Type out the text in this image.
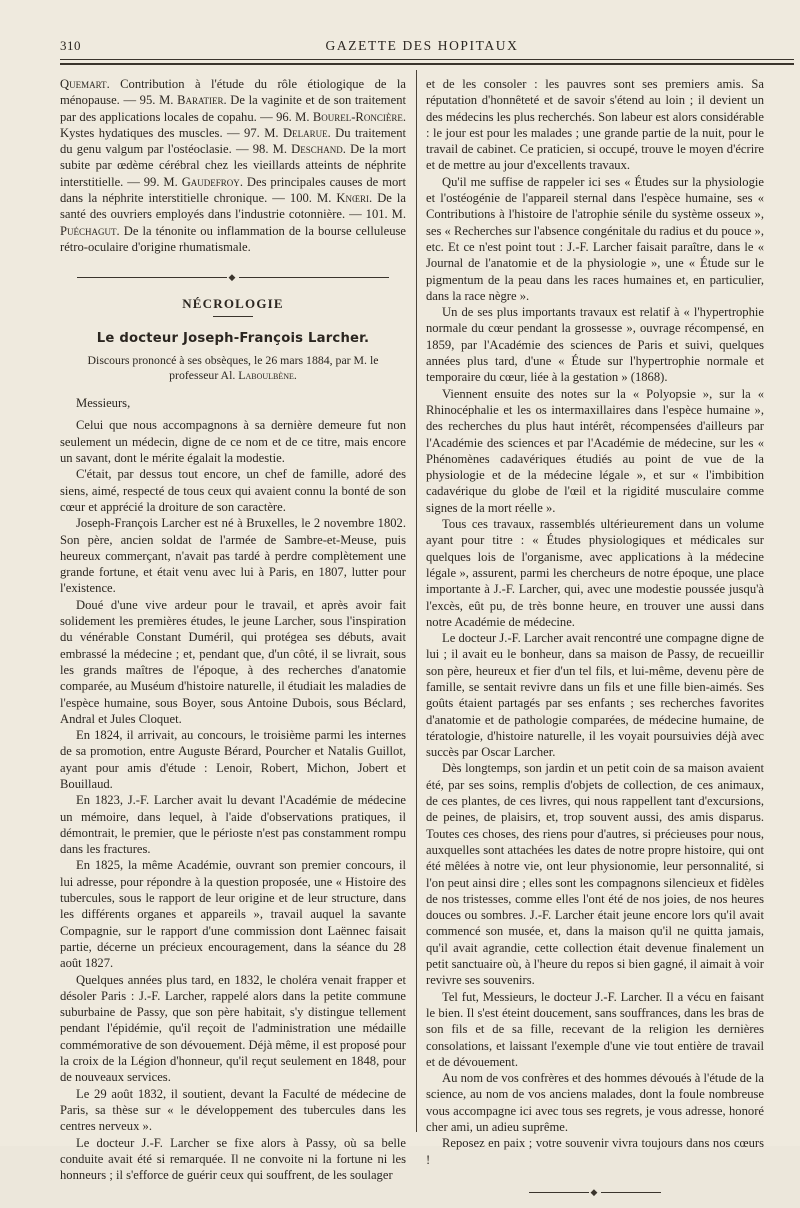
310	GAZETTE DES HOPITAUX

Quemart. Contribution à l'étude du rôle étiologique de la ménopause. — 95. M. Baratier. De la vaginite et de son traitement par des applications locales de copahu. — 96. M. Bourel-Roncière. Kystes hydatiques des muscles. — 97. M. Delarue. Du traitement du genu valgum par l'ostéoclasie. — 98. M. Deschand. De la mort subite par œdème cérébral chez les vieillards atteints de néphrite interstitielle. — 99. M. Gaudefroy. Des principales causes de mort dans la néphrite interstitielle chronique. — 100. M. Knœri. De la santé des ouvriers employés dans l'industrie cotonnière. — 101. M. Puéchagut. De la ténonite ou inflammation de la bourse celluleuse rétro-oculaire d'origine rhumatismale.

◆
NÉCROLOGIE
Le docteur Joseph-François Larcher.
Discours prononcé à ses obsèques, le 26 mars 1884, par M. le professeur Al. Laboulbène.

Messieurs,

Celui que nous accompagnons à sa dernière demeure fut non seulement un médecin, digne de ce nom et de ce titre, mais encore un savant, dont le mérite égalait la modestie.

C'était, par dessus tout encore, un chef de famille, adoré des siens, aimé, respecté de tous ceux qui avaient connu la bonté de son cœur et apprécié la droiture de son caractère.

Joseph-François Larcher est né à Bruxelles, le 2 novembre 1802. Son père, ancien soldat de l'armée de Sambre-et-Meuse, puis heureux commerçant, n'avait pas tardé à perdre complètement une grande fortune, et était venu avec lui à Paris, en 1807, lutter pour l'existence.

Doué d'une vive ardeur pour le travail, et après avoir fait solidement les premières études, le jeune Larcher, sous l'inspiration du vénérable Constant Duméril, qui protégea ses débuts, avait embrassé la médecine ; et, pendant que, d'un côté, il se livrait, sous les grands maîtres de l'époque, à des recherches d'anatomie comparée, au Muséum d'histoire naturelle, il étudiait les maladies de l'espèce humaine, sous Boyer, sous Antoine Dubois, sous Béclard, Andral et Jules Cloquet.

En 1824, il arrivait, au concours, le troisième parmi les internes de sa promotion, entre Auguste Bérard, Pourcher et Natalis Guillot, ayant pour amis d'étude : Lenoir, Robert, Michon, Jobert et Bouillaud.

En 1823, J.-F. Larcher avait lu devant l'Académie de médecine un mémoire, dans lequel, à l'aide d'observations pratiques, il démontrait, le premier, que le périoste n'est pas constamment rompu dans les fractures.

En 1825, la même Académie, ouvrant son premier concours, il lui adresse, pour répondre à la question proposée, une « Histoire des tubercules, sous le rapport de leur origine et de leur structure, dans les différents organes et appareils », travail auquel la savante Compagnie, sur le rapport d'une commission dont Laënnec faisait partie, décerne un précieux encouragement, dans la séance du 28 août 1827.

Quelques années plus tard, en 1832, le choléra venait frapper et désoler Paris : J.-F. Larcher, rappelé alors dans la petite commune suburbaine de Passy, que son père habitait, s'y distingue tellement pendant l'épidémie, qu'il reçoit de l'administration une médaille commémorative de son dévouement. Déjà même, il est proposé pour la croix de la Légion d'honneur, qu'il reçut seulement en 1848, pour de nouveaux services.

Le 29 août 1832, il soutient, devant la Faculté de médecine de Paris, sa thèse sur « le développement des tubercules dans les centres nerveux ».

Le docteur J.-F. Larcher se fixe alors à Passy, où sa belle conduite avait été si remarquée. Il ne convoite ni la fortune ni les honneurs ; il s'efforce de guérir ceux qui souffrent, de les soulager

et de les consoler : les pauvres sont ses premiers amis. Sa réputation d'honnêteté et de savoir s'étend au loin ; il devient un des médecins les plus recherchés. Son labeur est alors considérable : le jour est pour les malades ; une grande partie de la nuit, pour le travail de cabinet. Ce praticien, si occupé, trouve le moyen d'écrire et de mettre au jour d'excellents travaux.

Qu'il me suffise de rappeler ici ses « Études sur la physiologie et l'ostéogénie de l'appareil sternal dans l'espèce humaine, ses « Contributions à l'histoire de l'atrophie sénile du système osseux », ses « Recherches sur l'absence congénitale du radius et du pouce », etc. Et ce n'est point tout : J.-F. Larcher faisait paraître, dans le « Journal de l'anatomie et de la physiologie », une « Étude sur le pigmentum de la peau dans les races humaines et, en particulier, dans la race nègre ».

Un de ses plus importants travaux est relatif à « l'hypertrophie normale du cœur pendant la grossesse », ouvrage récompensé, en 1859, par l'Académie des sciences de Paris et suivi, quelques années plus tard, d'une « Étude sur l'hypertrophie normale et temporaire du cœur, liée à la gestation » (1868).

Viennent ensuite des notes sur la « Polyopsie », sur la « Rhinocéphalie et les os intermaxillaires dans l'espèce humaine », des recherches du plus haut intérêt, récompensées d'ailleurs par l'Académie des sciences et par l'Académie de médecine, sur les « Phénomènes cadavériques étudiés au point de vue de la physiologie et de la médecine légale », et sur « l'imbibition cadavérique du globe de l'œil et la rigidité musculaire comme signes de la mort réelle ».

Tous ces travaux, rassemblés ultérieurement dans un volume ayant pour titre : « Études physiologiques et médicales sur quelques lois de l'organisme, avec applications à la médecine légale », assurent, parmi les chercheurs de notre époque, une place importante à J.-F. Larcher, qui, avec une modestie poussée jusqu'à l'excès, eût pu, de très bonne heure, en trouver une aussi dans notre Académie de médecine.

Le docteur J.-F. Larcher avait rencontré une compagne digne de lui ; il avait eu le bonheur, dans sa maison de Passy, de recueillir son père, heureux et fier d'un tel fils, et lui-même, devenu père de famille, se sentait revivre dans un fils et une fille bien-aimés. Ses goûts étaient partagés par ses enfants ; ses recherches favorites d'anatomie et de pathologie comparées, de médecine humaine, de tératologie, d'histoire naturelle, il les voyait poursuivies déjà avec succès par Oscar Larcher.

Dès longtemps, son jardin et un petit coin de sa maison avaient été, par ses soins, remplis d'objets de collection, de ces animaux, de ces plantes, de ces livres, qui nous rappellent tant d'excursions, de peines, de plaisirs, et, trop souvent aussi, des amis disparus. Toutes ces choses, des riens pour d'autres, si précieuses pour nous, auxquelles sont attachées les dates de notre propre histoire, qui ont été mêlées à notre vie, ont leur physionomie, leur personnalité, si l'on peut ainsi dire ; elles sont les compagnons silencieux et fidèles de nos tristesses, comme elles l'ont été de nos joies, de nos heures douces ou sombres. J.-F. Larcher était jeune encore lors qu'il avait commencé son musée, et, dans la maison qu'il ne quitta jamais, qu'il avait agrandie, cette collection était devenue finalement un petit sanctuaire où, à l'heure du repos si bien gagné, il aimait à voir revivre ses souvenirs.

Tel fut, Messieurs, le docteur J.-F. Larcher. Il a vécu en faisant le bien. Il s'est éteint doucement, sans souffrances, dans les bras de son fils et de sa fille, recevant de la religion les dernières consolations, et laissant l'exemple d'une vie tout entière de travail et de dévouement.

Au nom de vos confrères et des hommes dévoués à l'étude de la science, au nom de vos anciens malades, dont la foule nombreuse vous accompagne ici avec tous ses regrets, je vous adresse, honoré cher ami, un adieu suprême.

Reposez en paix ; votre souvenir vivra toujours dans nos cœurs !

◆
